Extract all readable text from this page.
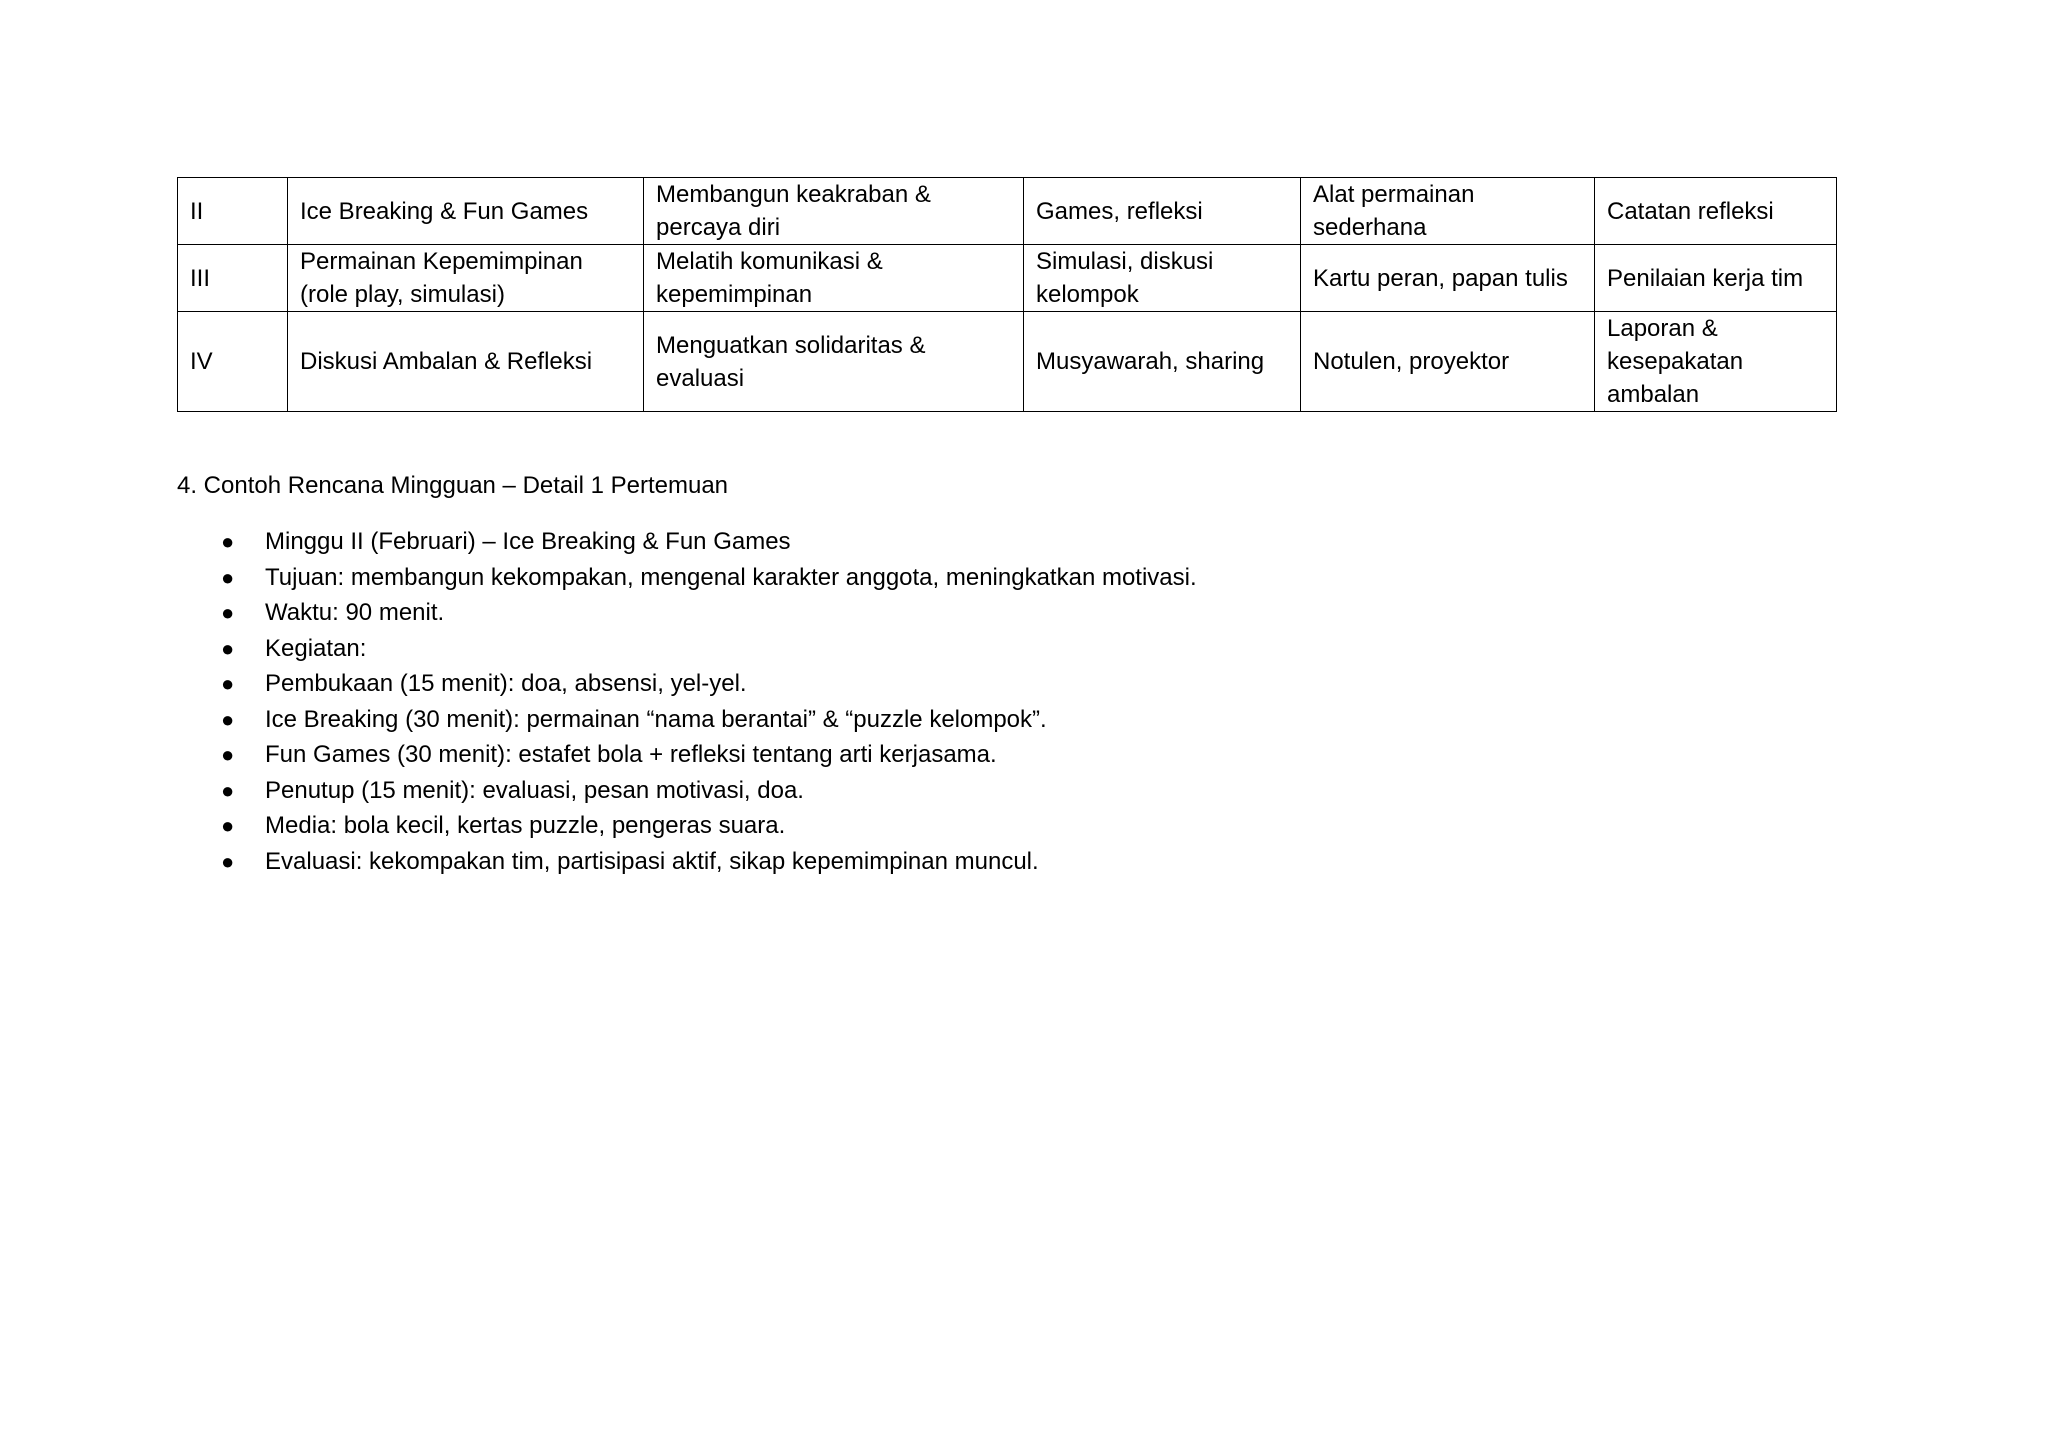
II	Ice Breaking & Fun Games	Membangun keakraban & percaya diri	Games, refleksi	Alat permainan sederhana	Catatan refleksi
III	Permainan Kepemimpinan (role play, simulasi)	Melatih komunikasi & kepemimpinan	Simulasi, diskusi kelompok	Kartu peran, papan tulis	Penilaian kerja tim
IV	Diskusi Ambalan & Refleksi	Menguatkan solidaritas & evaluasi	Musyawarah, sharing	Notulen, proyektor	Laporan & kesepakatan ambalan
4. Contoh Rencana Mingguan – Detail 1 Pertemuan
● Minggu II (Februari) – Ice Breaking & Fun Games
● Tujuan: membangun kekompakan, mengenal karakter anggota, meningkatkan motivasi.
● Waktu: 90 menit.
● Kegiatan:
● Pembukaan (15 menit): doa, absensi, yel-yel.
● Ice Breaking (30 menit): permainan “nama berantai” & “puzzle kelompok”.
● Fun Games (30 menit): estafet bola + refleksi tentang arti kerjasama.
● Penutup (15 menit): evaluasi, pesan motivasi, doa.
● Media: bola kecil, kertas puzzle, pengeras suara.
● Evaluasi: kekompakan tim, partisipasi aktif, sikap kepemimpinan muncul.
